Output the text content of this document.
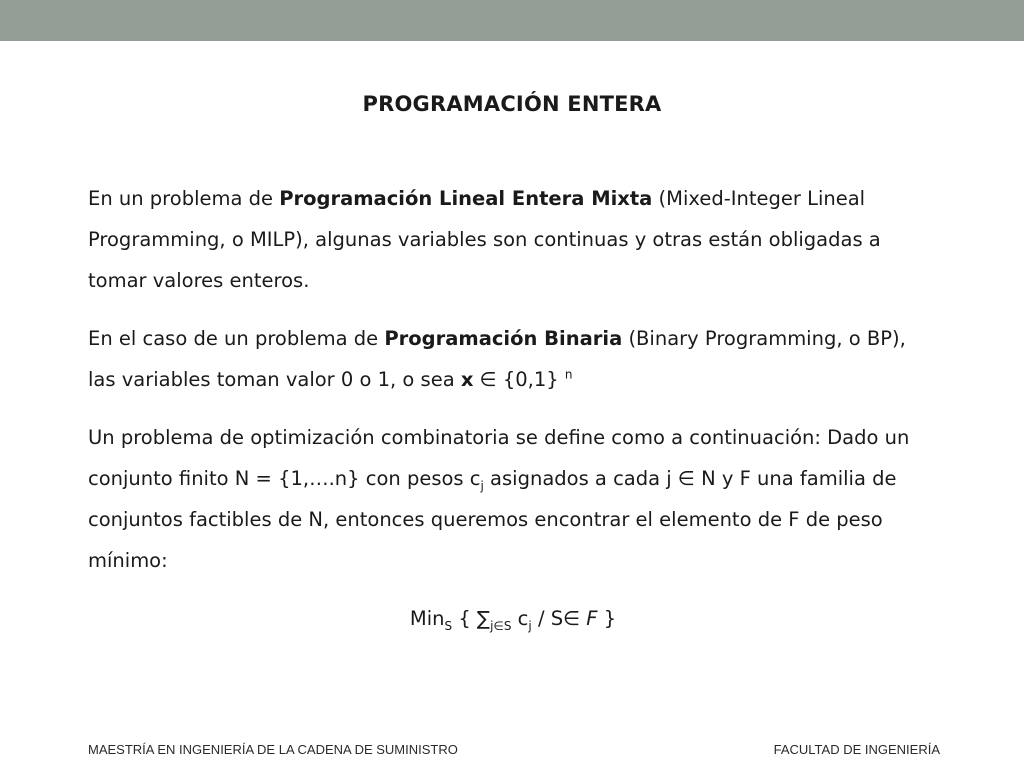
PROGRAMACIÓN ENTERA

En un problema de Programación Lineal Entera Mixta (Mixed-Integer Lineal Programming, o MILP), algunas variables son continuas y otras están obligadas a tomar valores enteros.

En el caso de un problema de Programación Binaria (Binary Programming, o BP), las variables toman valor 0 o 1, o sea x ∈ {0,1} $^n$

Un problema de optimización combinatoria se define como a continuación: Dado un conjunto finito N = {1,….n} con pesos $c_j$ asignados a cada j ∈ N y F una familia de conjuntos factibles de N, entonces queremos encontrar el elemento de F de peso mínimo:

Min$_S$ { $\sum_{j\in S}$ $c_j$ / S∈ F }
MAESTRÍA EN INGENIERÍA DE LA CADENA DE SUMINISTRO	FACULTAD DE INGENIERÍA
